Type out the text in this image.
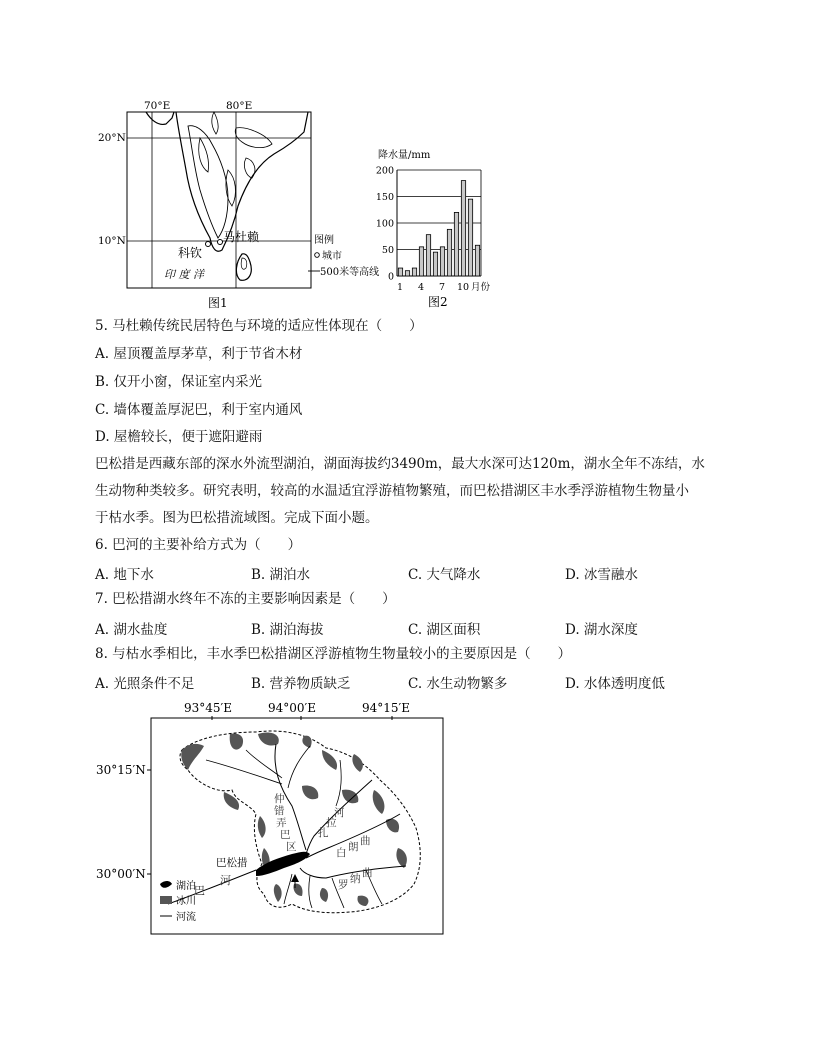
70°E	80°E
20°N
10°N	马杜赖
科钦
印 度 洋
图例
城市
500米等高线
图1
降水量/mm
200
150
100
50
0
1 4 7 10 月份
图2
5. 马杜赖传统民居特色与环境的适应性体现在（　　）
A. 屋顶覆盖厚茅草，利于节省木材
B. 仅开小窗，保证室内采光
C. 墙体覆盖厚泥巴，利于室内通风
D. 屋檐较长，便于遮阳避雨
巴松措是西藏东部的深水外流型湖泊，湖面海拔约3490m，最大水深可达120m，湖水全年不冻结，水
生动物种类较多。研究表明，较高的水温适宜浮游植物繁殖，而巴松措湖区丰水季浮游植物生物量小
于枯水季。图为巴松措流域图。完成下面小题。
6. 巴河的主要补给方式为（　　）
A. 地下水	B. 湖泊水	C. 大气降水	D. 冰雪融水
7. 巴松措湖水终年不冻的主要影响因素是（　　）
A. 湖水盐度	B. 湖泊海拔	C. 湖区面积	D. 湖水深度
8. 与枯水季相比，丰水季巴松措湖区浮游植物生物量较小的主要原因是（　　）
A. 光照条件不足	B. 营养物质缺乏	C. 水生动物繁多	D. 水体透明度低
93°45′E	94°00′E	94°15′E
30°15′N
30°00′N
巴松措
巴
河
仲
错
弄
巴
区
扎
拉
河
白 朗 曲
罗 纳 曲
湖泊
冰川
河流
